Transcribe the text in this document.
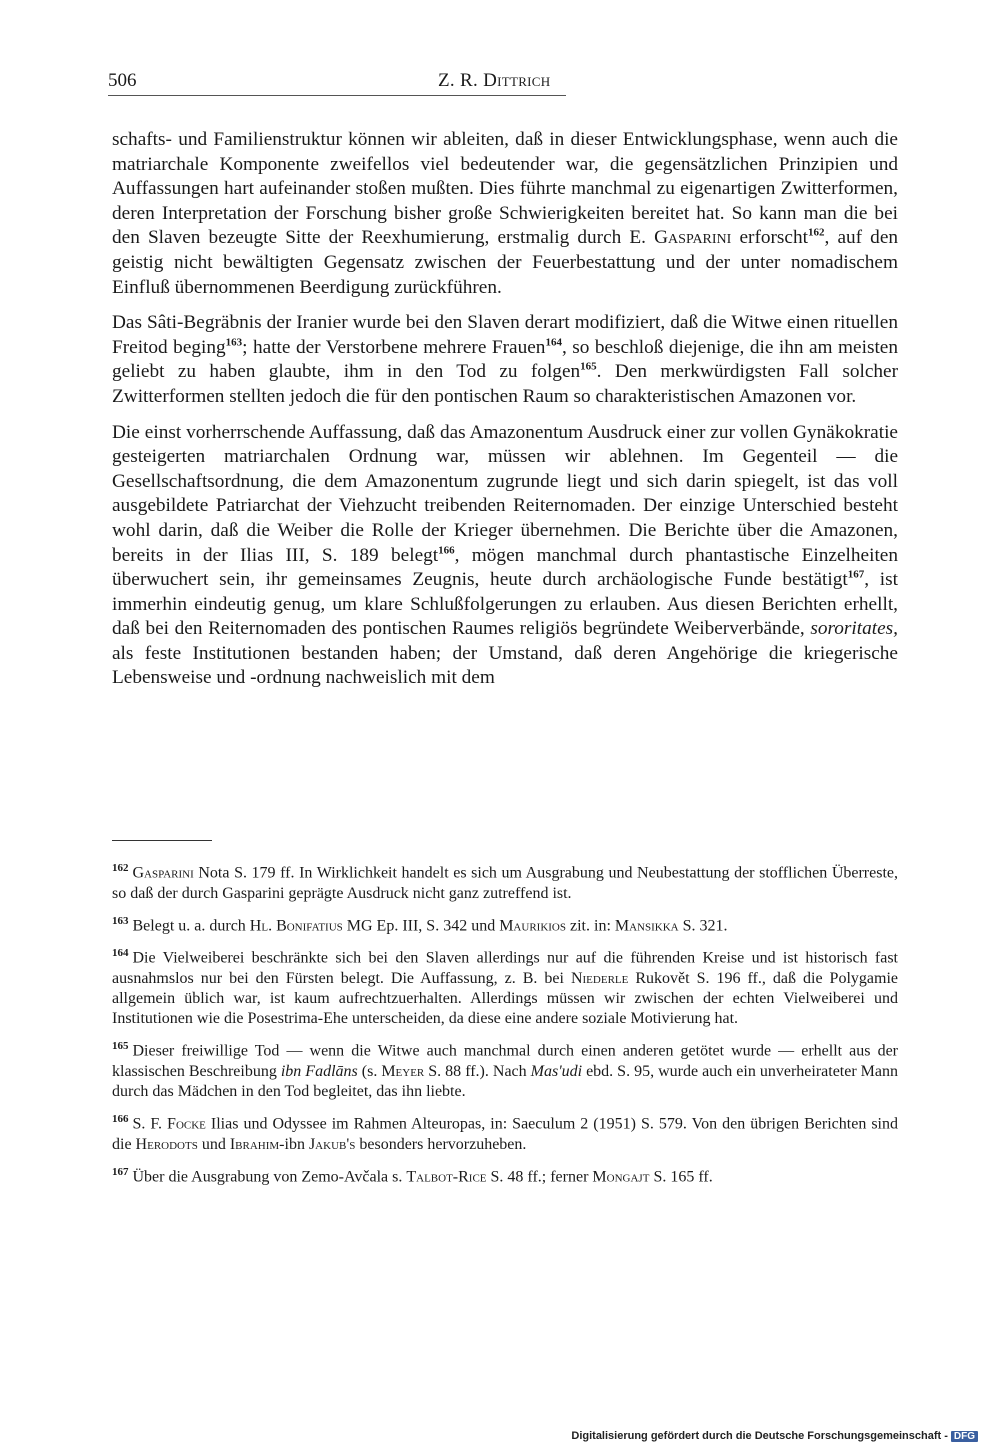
506	Z. R. Dittrich

schafts- und Familienstruktur können wir ableiten, daß in dieser Entwicklungsphase, wenn auch die matriarchale Komponente zweifellos viel bedeutender war, die gegensätzlichen Prinzipien und Auffassungen hart aufeinander stoßen mußten. Dies führte manchmal zu eigenartigen Zwitterformen, deren Interpretation der Forschung bisher große Schwierigkeiten bereitet hat. So kann man die bei den Slaven bezeugte Sitte der Reexhumierung, erstmalig durch E. Gasparini erforscht$^{162}$, auf den geistig nicht bewältigten Gegensatz zwischen der Feuerbestattung und der unter nomadischem Einfluß übernommenen Beerdigung zurückführen.

Das Sâti-Begräbnis der Iranier wurde bei den Slaven derart modifiziert, daß die Witwe einen rituellen Freitod beging$^{163}$; hatte der Verstorbene mehrere Frauen$^{164}$, so beschloß diejenige, die ihn am meisten geliebt zu haben glaubte, ihm in den Tod zu folgen$^{165}$. Den merkwürdigsten Fall solcher Zwitterformen stellten jedoch die für den pontischen Raum so charakteristischen Amazonen vor.

Die einst vorherrschende Auffassung, daß das Amazonentum Ausdruck einer zur vollen Gynäkokratie gesteigerten matriarchalen Ordnung war, müssen wir ablehnen. Im Gegenteil — die Gesellschaftsordnung, die dem Amazonentum zugrunde liegt und sich darin spiegelt, ist das voll ausgebildete Patriarchat der Viehzucht treibenden Reiternomaden. Der einzige Unterschied besteht wohl darin, daß die Weiber die Rolle der Krieger übernehmen. Die Berichte über die Amazonen, bereits in der Ilias III, S. 189 belegt$^{166}$, mögen manchmal durch phantastische Einzelheiten überwuchert sein, ihr gemeinsames Zeugnis, heute durch archäologische Funde bestätigt$^{167}$, ist immerhin eindeutig genug, um klare Schlußfolgerungen zu erlauben. Aus diesen Berichten erhellt, daß bei den Reiternomaden des pontischen Raumes religiös begründete Weiberverbände, sororitates, als feste Institutionen bestanden haben; der Umstand, daß deren Angehörige die kriegerische Lebensweise und -ordnung nachweislich mit dem

$^{162}$ Gasparini Nota S. 179 ff. In Wirklichkeit handelt es sich um Ausgrabung und Neubestattung der stofflichen Überreste, so daß der durch Gasparini geprägte Ausdruck nicht ganz zutreffend ist.

$^{163}$ Belegt u. a. durch Hl. Bonifatius MG Ep. III, S. 342 und Maurikios zit. in: Mansikka S. 321.

$^{164}$ Die Vielweiberei beschränkte sich bei den Slaven allerdings nur auf die führenden Kreise und ist historisch fast ausnahmslos nur bei den Fürsten belegt. Die Auffassung, z. B. bei Niederle Rukovět S. 196 ff., daß die Polygamie allgemein üblich war, ist kaum aufrechtzuerhalten. Allerdings müssen wir zwischen der echten Vielweiberei und Institutionen wie die Posestrima-Ehe unterscheiden, da diese eine andere soziale Motivierung hat.

$^{165}$ Dieser freiwillige Tod — wenn die Witwe auch manchmal durch einen anderen getötet wurde — erhellt aus der klassischen Beschreibung ibn Fadlāns (s. Meyer S. 88 ff.). Nach Mas'udi ebd. S. 95, wurde auch ein unverheirateter Mann durch das Mädchen in den Tod begleitet, das ihn liebte.

$^{166}$ S. F. Focke Ilias und Odyssee im Rahmen Alteuropas, in: Saeculum 2 (1951) S. 579. Von den übrigen Berichten sind die Herodots und Ibrahim-ibn Jakub's besonders hervorzuheben.

$^{167}$ Über die Ausgrabung von Zemo-Avčala s. Talbot-Rice S. 48 ff.; ferner Mongajt S. 165 ff.

Digitalisierung gefördert durch die Deutsche Forschungsgemeinschaft - DFG
